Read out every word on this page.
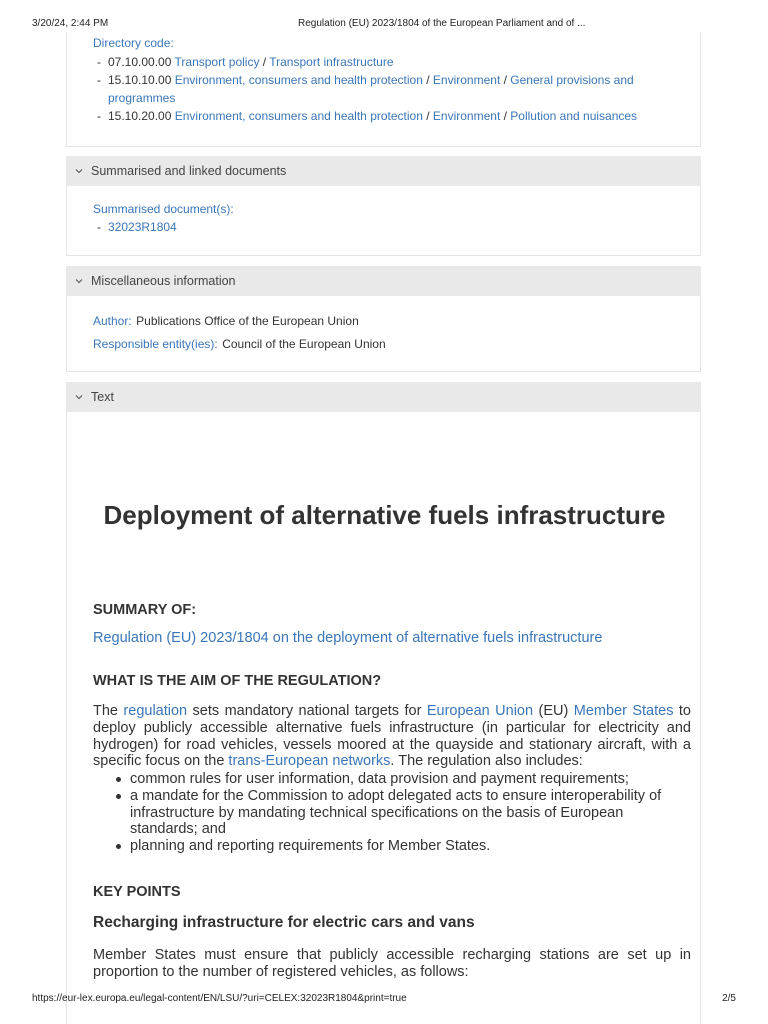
3/20/24, 2:44 PM	Regulation (EU) 2023/1804 of the European Parliament and of ...
Directory code:
- 07.10.00.00 Transport policy / Transport infrastructure
- 15.10.10.00 Environment, consumers and health protection / Environment / General provisions and programmes
- 15.10.20.00 Environment, consumers and health protection / Environment / Pollution and nuisances
Summarised and linked documents
Summarised document(s):
- 32023R1804
Miscellaneous information
Author: Publications Office of the European Union
Responsible entity(ies): Council of the European Union
Text
Deployment of alternative fuels infrastructure
SUMMARY OF:
Regulation (EU) 2023/1804 on the deployment of alternative fuels infrastructure
WHAT IS THE AIM OF THE REGULATION?

The regulation sets mandatory national targets for European Union (EU) Member States to deploy publicly accessible alternative fuels infrastructure (in particular for electricity and hydrogen) for road vehicles, vessels moored at the quayside and stationary aircraft, with a specific focus on the trans-European networks. The regulation also includes:

common rules for user information, data provision and payment requirements;
a mandate for the Commission to adopt delegated acts to ensure interoperability of infrastructure by mandating technical specifications on the basis of European standards; and
planning and reporting requirements for Member States.
KEY POINTS
Recharging infrastructure for electric cars and vans

Member States must ensure that publicly accessible recharging stations are set up in proportion to the number of registered vehicles, as follows:

https://eur-lex.europa.eu/legal-content/EN/LSU/?uri=CELEX:32023R1804&print=true	2/5
